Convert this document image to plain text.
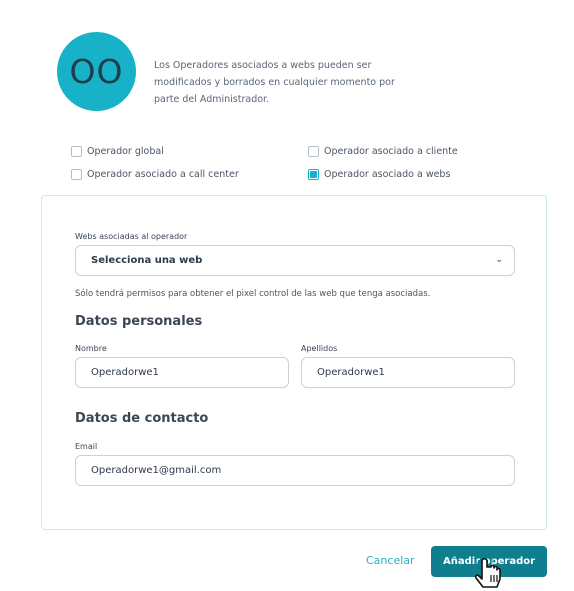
OO	Los Operadores asociados a webs pueden ser modificados y borrados en cualquier momento por parte del Administrador.

Operador global	Operador asociado a cliente
Operador asociado a call center	Operador asociado a webs
Webs asociadas al operador
Selecciona una web	⌄
Sólo tendrá permisos para obtener el pixel control de las web que tenga asociadas.
Datos personales
Nombre
Operadorwe1
Apellidos
Operadorwe1
Datos de contacto
Email
Operadorwe1@gmail.com
Cancelar	Añadir operador
